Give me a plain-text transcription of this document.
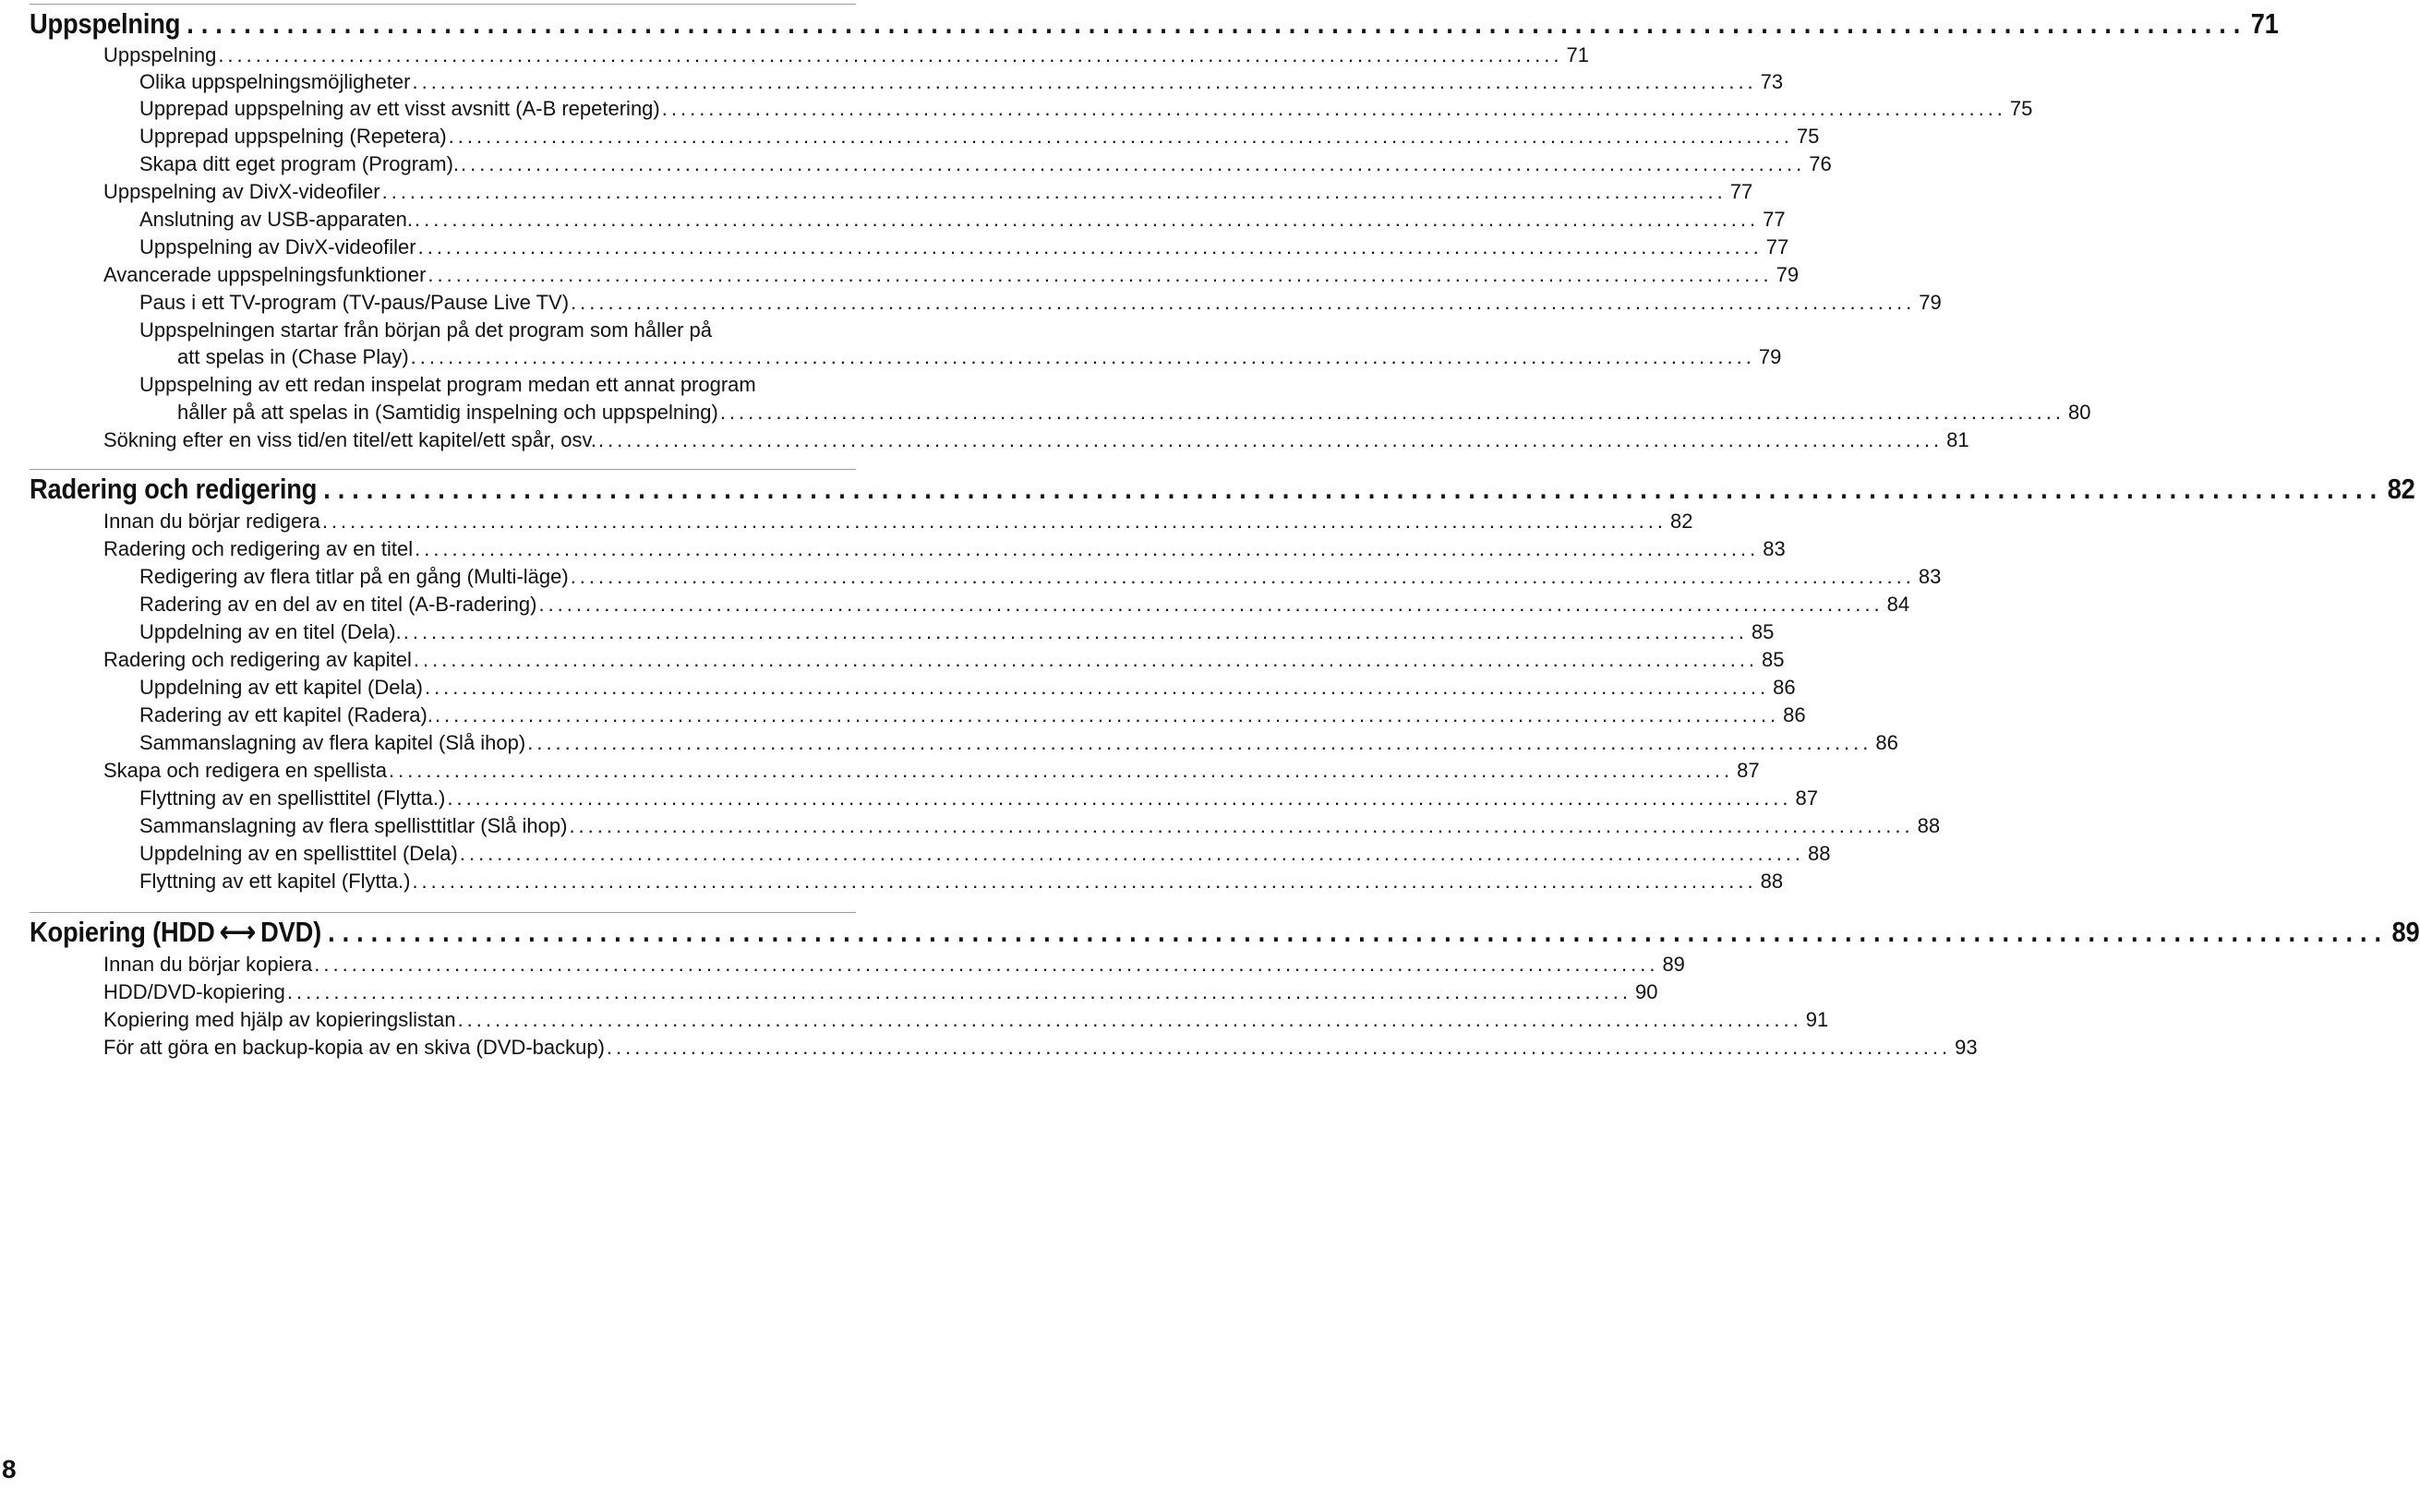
Uppspelning ................................................................................................................................................ 71
Uppspelning ................................................................................................................................................ 71
Olika uppspelningsmöjligheter ................................................................................................................................................ 73
Upprepad uppspelning av ett visst avsnitt (A-B repetering) ................................................................................................................................................ 75
Upprepad uppspelning (Repetera) ................................................................................................................................................ 75
Skapa ditt eget program (Program). ................................................................................................................................................ 76
Uppspelning av DivX-videofiler ................................................................................................................................................ 77
Anslutning av USB-apparaten. ................................................................................................................................................ 77
Uppspelning av DivX-videofiler ................................................................................................................................................ 77
Avancerade uppspelningsfunktioner ................................................................................................................................................ 79
Paus i ett TV-program (TV-paus/Pause Live TV) ................................................................................................................................................ 79
Uppspelningen startar från början på det program som håller på
att spelas in (Chase Play) ................................................................................................................................................ 79
Uppspelning av ett redan inspelat program medan ett annat program
håller på att spelas in (Samtidig inspelning och uppspelning) ................................................................................................................................................ 80
Sökning efter en viss tid/en titel/ett kapitel/ett spår, osv. ................................................................................................................................................ 81
Radering och redigering ................................................................................................................................................ 82
Innan du börjar redigera ................................................................................................................................................ 82
Radering och redigering av en titel ................................................................................................................................................ 83
Redigering av flera titlar på en gång (Multi-läge) ................................................................................................................................................ 83
Radering av en del av en titel (A-B-radering) ................................................................................................................................................ 84
Uppdelning av en titel (Dela). ................................................................................................................................................ 85
Radering och redigering av kapitel ................................................................................................................................................ 85
Uppdelning av ett kapitel (Dela) ................................................................................................................................................ 86
Radering av ett kapitel (Radera). ................................................................................................................................................ 86
Sammanslagning av flera kapitel (Slå ihop) ................................................................................................................................................ 86
Skapa och redigera en spellista ................................................................................................................................................ 87
Flyttning av en spellisttitel (Flytta.) ................................................................................................................................................ 87
Sammanslagning av flera spellisttitlar (Slå ihop) ................................................................................................................................................ 88
Uppdelning av en spellisttitel (Dela) ................................................................................................................................................ 88
Flyttning av ett kapitel (Flytta.) ................................................................................................................................................ 88
Kopiering (HDD ⟷ DVD) ................................................................................................................................................ 89
Innan du börjar kopiera ................................................................................................................................................ 89
HDD/DVD-kopiering ................................................................................................................................................ 90
Kopiering med hjälp av kopieringslistan ................................................................................................................................................ 91
För att göra en backup-kopia av en skiva (DVD-backup) ................................................................................................................................................ 93
8
